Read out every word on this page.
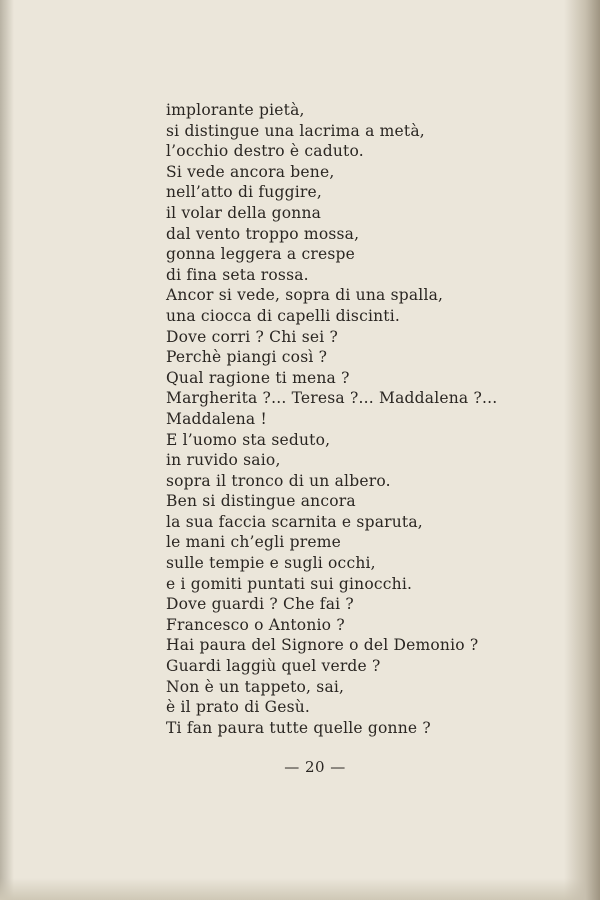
implorante pietà,
si distingue una lacrima a metà,
l’occhio destro è caduto.
Si vede ancora bene,
nell’atto di fuggire,
il volar della gonna
dal vento troppo mossa,
gonna leggera a crespe
di fina seta rossa.
Ancor si vede, sopra di una spalla,
una ciocca di capelli discinti.
Dove corri ? Chi sei ?
Perchè piangi così ?
Qual ragione ti mena ?
Margherita ?... Teresa ?... Maddalena ?...
Maddalena !
E l’uomo sta seduto,
in ruvido saio,
sopra il tronco di un albero.
Ben si distingue ancora
la sua faccia scarnita e sparuta,
le mani ch’egli preme
sulle tempie e sugli occhi,
e i gomiti puntati sui ginocchi.
Dove guardi ? Che fai ?
Francesco o Antonio ?
Hai paura del Signore o del Demonio ?
Guardi laggiù quel verde ?
Non è un tappeto, sai,
è il prato di Gesù.
Ti fan paura tutte quelle gonne ?
— 20 —
